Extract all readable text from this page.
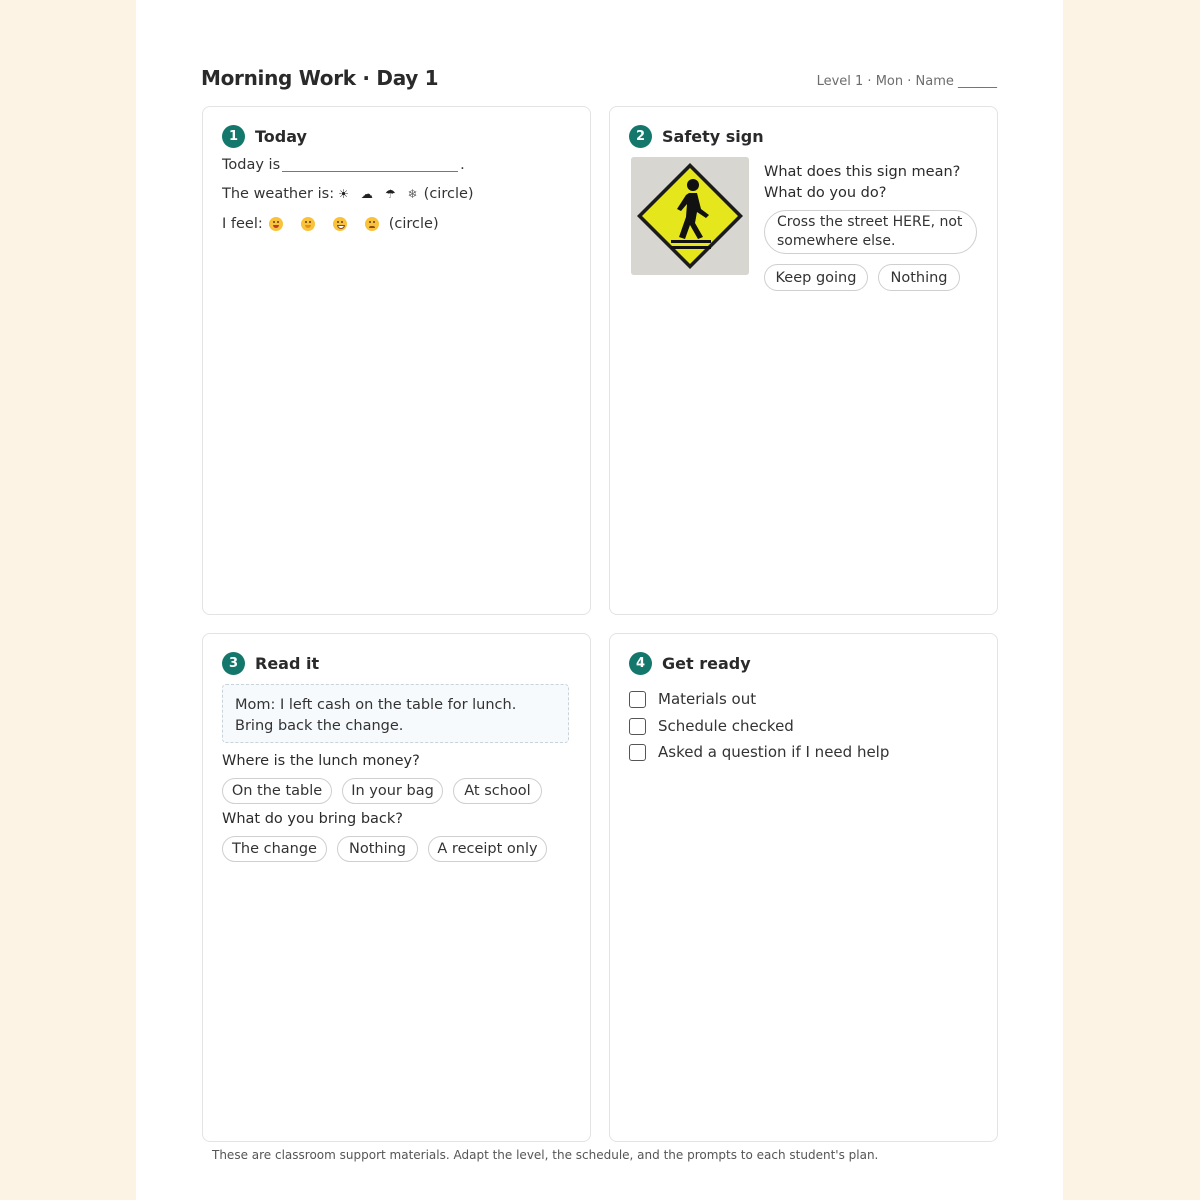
Morning Work · Day 1	Level 1 · Mon · Name ______
1	Today
Today is	.
The weather is: ☀ ☁ ☂ ❄ (circle)
I feel:	(circle)
2	Safety sign
What does this sign mean?
What do you do?
Cross the street HERE, not somewhere else.
Keep going	Nothing
3	Read it
Mom: I left cash on the table for lunch. Bring back the change.
Where is the lunch money?
On the table	In your bag	At school
What do you bring back?
The change	Nothing	A receipt only
4	Get ready
Materials out
Schedule checked
Asked a question if I need help
These are classroom support materials. Adapt the level, the schedule, and the prompts to each student's plan.
